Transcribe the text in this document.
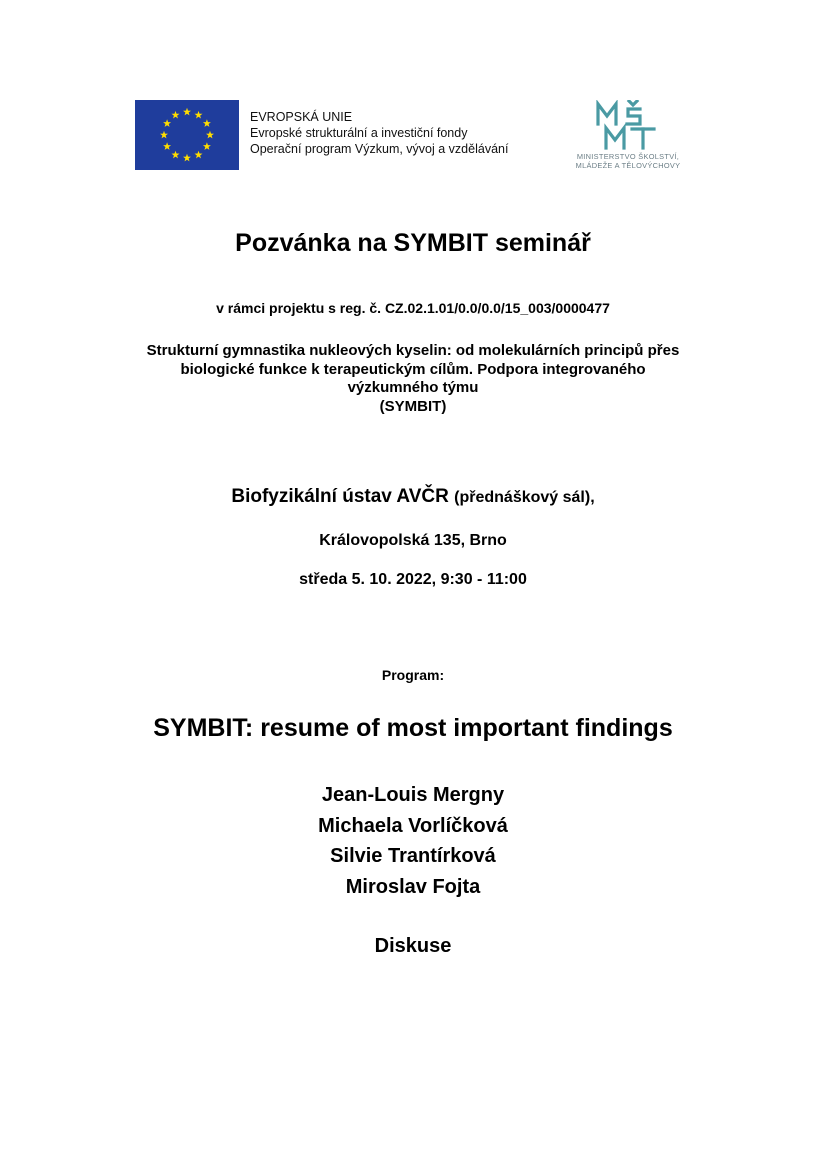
EVROPSKÁ UNIE
Evropské strukturální a investiční fondy
Operační program Výzkum, vývoj a vzdělávání
MINISTERSTVO ŠKOLSTVÍ,
MLÁDEŽE A TĚLOVÝCHOVY
Pozvánka na SYMBIT seminář
v rámci projektu s reg. č. CZ.02.1.01/0.0/0.0/15_003/0000477
Strukturní gymnastika nukleových kyselin: od molekulárních principů přes
biologické funkce k terapeutickým cílům. Podpora integrovaného
výzkumného týmu
(SYMBIT)
Biofyzikální ústav AVČR (přednáškový sál),
Královopolská 135, Brno
středa 5. 10. 2022, 9:30 - 11:00
Program:
SYMBIT: resume of most important findings
Jean-Louis Mergny
Michaela Vorlíčková
Silvie Trantírková
Miroslav Fojta
Diskuse
